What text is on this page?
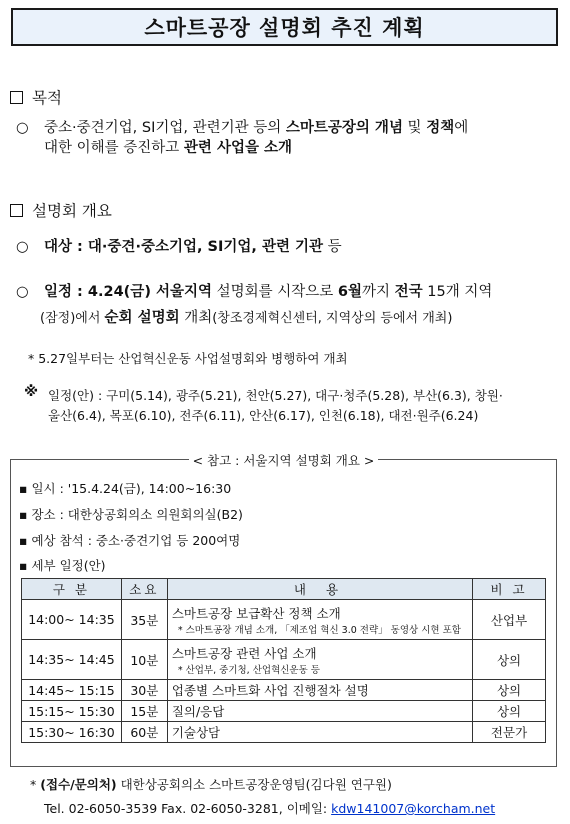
스마트공장 설명회 추진 계획
목적
○ 중소·중견기업, SI기업, 관련기관 등의 스마트공장의 개념 및 정책에
대한 이해를 증진하고 관련 사업을 소개
설명회 개요
○ 대상 : 대·중견·중소기업, SI기업, 관련 기관 등
○ 일정 : 4.24(금) 서울지역 설명회를 시작으로 6월까지 전국 15개 지역
(잠정)에서 순회 설명회 개최(창조경제혁신센터, 지역상의 등에서 개최)
* 5.27일부터는 산업혁신운동 사업설명회와 병행하여 개최
※ 일정(안) : 구미(5.14), 광주(5.21), 천안(5.27), 대구·청주(5.28), 부산(6.3), 창원·
울산(6.4), 목포(6.10), 전주(6.11), 안산(6.17), 인천(6.18), 대전·원주(6.24)
< 참고 : 서울지역 설명회 개요 >
▪ 일시 : '15.4.24(금), 14:00~16:30
▪ 장소 : 대한상공회의소 의원회의실(B2)
▪ 예상 참석 : 중소·중견기업 등 200여명
▪ 세부 일정(안)
구 분	소요	내 용	비 고
14:00~ 14:35	35분	스마트공장 보급확산 정책 소개
* 스마트공장 개념 소개, 「제조업 혁신 3.0 전략」 동영상 시현 포함	산업부
14:35~ 14:45	10분	스마트공장 관련 사업 소개
* 산업부, 중기청, 산업혁신운동 등	상의
14:45~ 15:15	30분	업종별 스마트화 사업 진행절차 설명	상의
15:15~ 15:30	15분	질의/응답	상의
15:30~ 16:30	60분	기술상담	전문가
* (접수/문의처) 대한상공회의소 스마트공장운영팀(김다원 연구원)
Tel. 02-6050-3539 Fax. 02-6050-3281, 이메일: kdw141007@korcham.net
